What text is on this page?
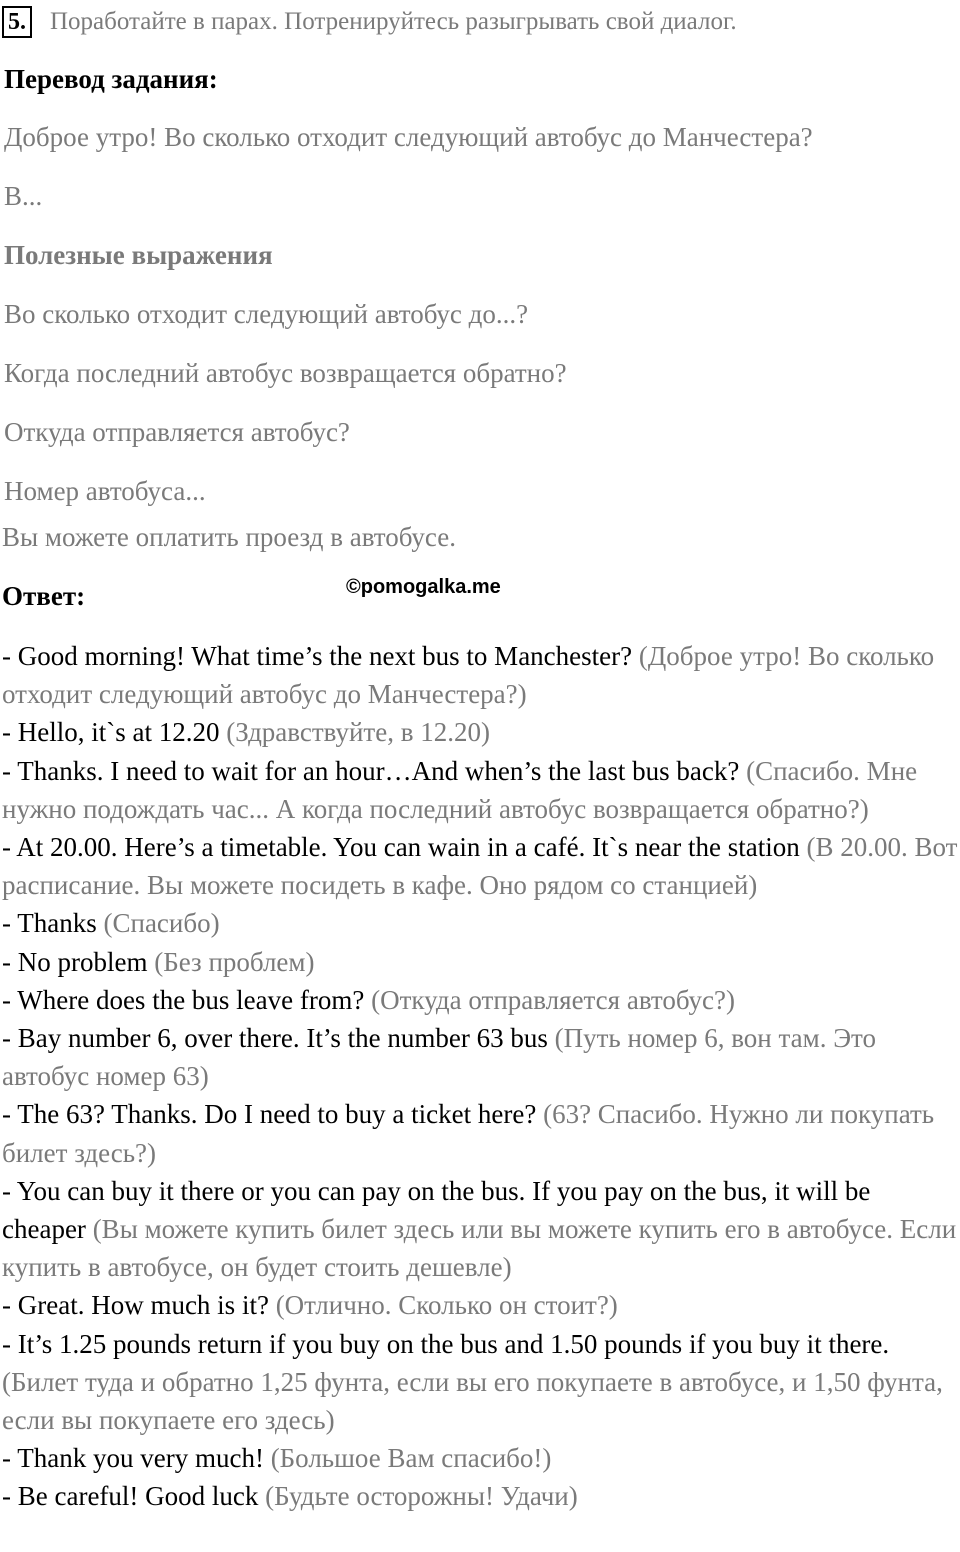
5. Поработайте в парах. Потренируйтесь разыгрывать свой диалог.
Перевод задания:
Доброе утро! Во сколько отходит следующий автобус до Манчестера?
B...
Полезные выражения
Во сколько отходит следующий автобус до...?
Когда последний автобус возвращается обратно?
Откуда отправляется автобус?
Номер автобуса...
Вы можете оплатить проезд в автобусе.
Ответ:	©pomogalka.me

- Good morning! What time’s the next bus to Manchester? (Доброе утро! Во сколько отходит следующий автобус до Манчестера?)

- Hello, it`s at 12.20 (Здравствуйте, в 12.20)

- Thanks. I need to wait for an hour…And when’s the last bus back? (Спасибо. Мне нужно подождать час... А когда последний автобус возвращается обратно?)

- At 20.00. Here’s a timetable. You can wain in a café. It`s near the station (В 20.00. Вот расписание. Вы можете посидеть в кафе. Оно рядом со станцией)

- Thanks (Спасибо)

- No problem (Без проблем)

- Where does the bus leave from? (Откуда отправляется автобус?)

- Bay number 6, over there. It’s the number 63 bus (Путь номер 6, вон там. Это автобус номер 63)

- The 63? Thanks. Do I need to buy a ticket here? (63? Спасибо. Нужно ли покупать билет здесь?)

- You can buy it there or you can pay on the bus. If you pay on the bus, it will be cheaper (Вы можете купить билет здесь или вы можете купить его в автобусе. Если купить в автобусе, он будет стоить дешевле)

- Great. How much is it? (Отлично. Сколько он стоит?)

- It’s 1.25 pounds return if you buy on the bus and 1.50 pounds if you buy it there. (Билет туда и обратно 1,25 фунта, если вы его покупаете в автобусе, и 1,50 фунта, если вы покупаете его здесь)

- Thank you very much! (Большое Вам спасибо!)

- Be careful! Good luck (Будьте осторожны! Удачи)
